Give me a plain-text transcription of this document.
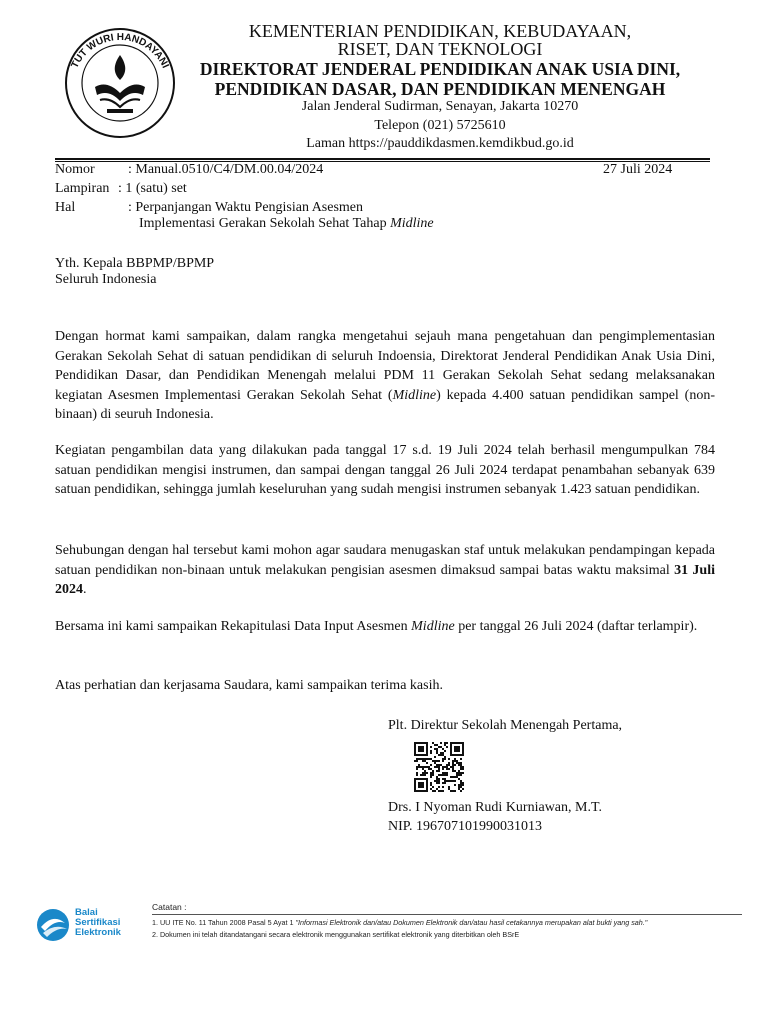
TUT WURI HANDAYANI
KEMENTERIAN PENDIDIKAN, KEBUDAYAAN,
RISET, DAN TEKNOLOGI
DIREKTORAT JENDERAL PENDIDIKAN ANAK USIA DINI,
PENDIDIKAN DASAR, DAN PENDIDIKAN MENENGAH
Jalan Jenderal Sudirman, Senayan, Jakarta 10270
Telepon (021) 5725610
Laman https://pauddikdasmen.kemdikbud.go.id
Nomor : Manual.0510/C4/DM.00.04/2024	27 Juli 2024
Lampiran : 1 (satu) set
Hal	: Perpanjangan Waktu Pengisian Asesmen
Implementasi Gerakan Sekolah Sehat Tahap Midline
Yth. Kepala BBPMP/BPMP
Seluruh Indonesia
Dengan hormat kami sampaikan, dalam rangka mengetahui sejauh mana pengetahuan dan pengimplementasian Gerakan Sekolah Sehat di satuan pendidikan di seluruh Indoensia, Direktorat Jenderal Pendidikan Anak Usia Dini, Pendidikan Dasar, dan Pendidikan Menengah melalui PDM 11 Gerakan Sekolah Sehat sedang melaksanakan kegiatan Asesmen Implementasi Gerakan Sekolah Sehat (Midline) kepada 4.400 satuan pendidikan sampel (non-binaan) di seuruh Indonesia.
Kegiatan pengambilan data yang dilakukan pada tanggal 17 s.d. 19 Juli 2024 telah berhasil mengumpulkan 784 satuan pendidikan mengisi instrumen, dan sampai dengan tanggal 26 Juli 2024 terdapat penambahan sebanyak 639 satuan pendidikan, sehingga jumlah keseluruhan yang sudah mengisi instrumen sebanyak 1.423 satuan pendidikan.
Sehubungan dengan hal tersebut kami mohon agar saudara menugaskan staf untuk melakukan pendampingan kepada satuan pendidikan non-binaan untuk melakukan pengisian asesmen dimaksud sampai batas waktu maksimal 31 Juli 2024.
Bersama ini kami sampaikan Rekapitulasi Data Input Asesmen Midline per tanggal 26 Juli 2024 (daftar terlampir).
Atas perhatian dan kerjasama Saudara, kami sampaikan terima kasih.
Plt. Direktur Sekolah Menengah Pertama,
Drs. I Nyoman Rudi Kurniawan, M.T.
NIP. 196707101990031013
Balai
Sertifikasi
Elektronik
Catatan :
1. UU ITE No. 11 Tahun 2008 Pasal 5 Ayat 1 "Informasi Elektronik dan/atau Dokumen Elektronik dan/atau hasil cetakannya merupakan alat bukti yang sah."
2. Dokumen ini telah ditandatangani secara elektronik menggunakan sertifikat elektronik yang diterbitkan oleh BSrE
